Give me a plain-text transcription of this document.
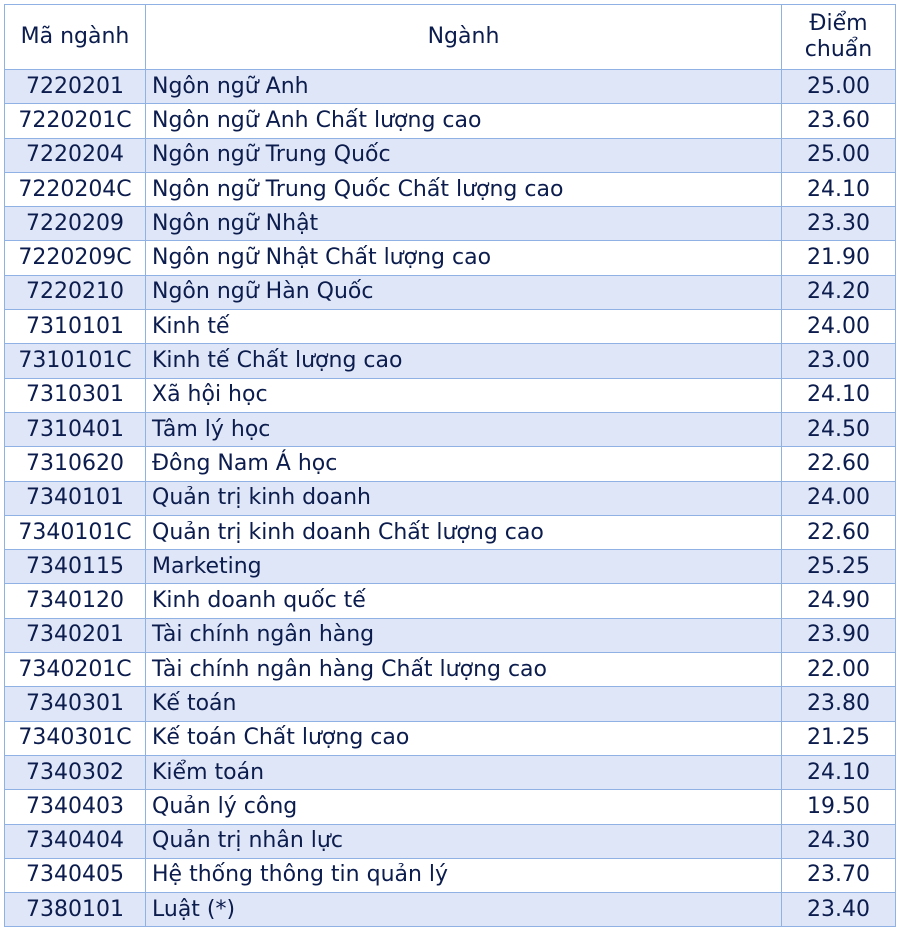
Mã ngành	Ngành	Điểm
chuẩn

7220201	Ngôn ngữ Anh	25.00
7220201C	Ngôn ngữ Anh Chất lượng cao	23.60
7220204	Ngôn ngữ Trung Quốc	25.00
7220204C	Ngôn ngữ Trung Quốc Chất lượng cao	24.10
7220209	Ngôn ngữ Nhật	23.30
7220209C	Ngôn ngữ Nhật Chất lượng cao	21.90
7220210	Ngôn ngữ Hàn Quốc	24.20
7310101	Kinh tế	24.00
7310101C	Kinh tế Chất lượng cao	23.00
7310301	Xã hội học	24.10
7310401	Tâm lý học	24.50
7310620	Đông Nam Á học	22.60
7340101	Quản trị kinh doanh	24.00
7340101C	Quản trị kinh doanh Chất lượng cao	22.60
7340115	Marketing	25.25
7340120	Kinh doanh quốc tế	24.90
7340201	Tài chính ngân hàng	23.90
7340201C	Tài chính ngân hàng Chất lượng cao	22.00
7340301	Kế toán	23.80
7340301C	Kế toán Chất lượng cao	21.25
7340302	Kiểm toán	24.10
7340403	Quản lý công	19.50
7340404	Quản trị nhân lực	24.30
7340405	Hệ thống thông tin quản lý	23.70
7380101	Luật (*)	23.40
